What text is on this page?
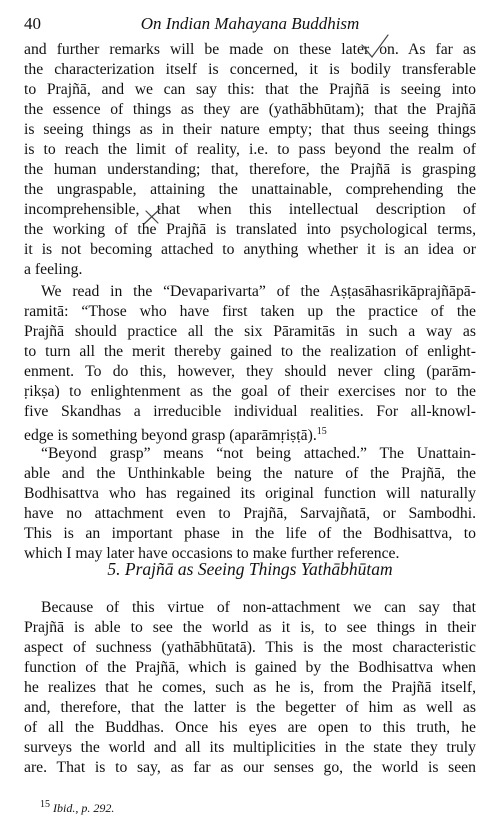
40	On Indian Mahayana Buddhism
and further remarks will be made on these later on. As far as
the characterization itself is concerned, it is bodily transferable
to Prajñā, and we can say this: that the Prajñā is seeing into
the essence of things as they are (yathābhūtam); that the Prajñā
is seeing things as in their nature empty; that thus seeing things
is to reach the limit of reality, i.e. to pass beyond the realm of
the human understanding; that, therefore, the Prajñā is grasping
the ungraspable, attaining the unattainable, comprehending the
incomprehensible, that when this intellectual description of
the working of the Prajñā is translated into psychological terms,
it is not becoming attached to anything whether it is an idea or
a feeling.
We read in the “Devaparivarta” of the Aṣṭasāhasrikāprajñāpā-
ramitā: “Those who have first taken up the practice of the
Prajñā should practice all the six Pāramitās in such a way as
to turn all the merit thereby gained to the realization of enlight-
enment. To do this, however, they should never cling (parām-
ṛikṣa) to enlightenment as the goal of their exercises nor to the
five Skandhas a irreducible individual realities. For all-knowl-
edge is something beyond grasp (aparāmṛiṣṭā).$^{15}$
“Beyond grasp” means “not being attached.” The Unattain-
able and the Unthinkable being the nature of the Prajñā, the
Bodhisattva who has regained its original function will naturally
have no attachment even to Prajñā, Sarvajñatā, or Sambodhi.
This is an important phase in the life of the Bodhisattva, to
which I may later have occasions to make further reference.
5. Prajñā as Seeing Things Yathābhūtam
Because of this virtue of non-attachment we can say that
Prajñā is able to see the world as it is, to see things in their
aspect of suchness (yathābhūtatā). This is the most characteristic
function of the Prajñā, which is gained by the Bodhisattva when
he realizes that he comes, such as he is, from the Prajñā itself,
and, therefore, that the latter is the begetter of him as well as
of all the Buddhas. Once his eyes are open to this truth, he
surveys the world and all its multiplicities in the state they truly
are. That is to say, as far as our senses go, the world is seen
$^{15}$ Ibid., p. 292.
